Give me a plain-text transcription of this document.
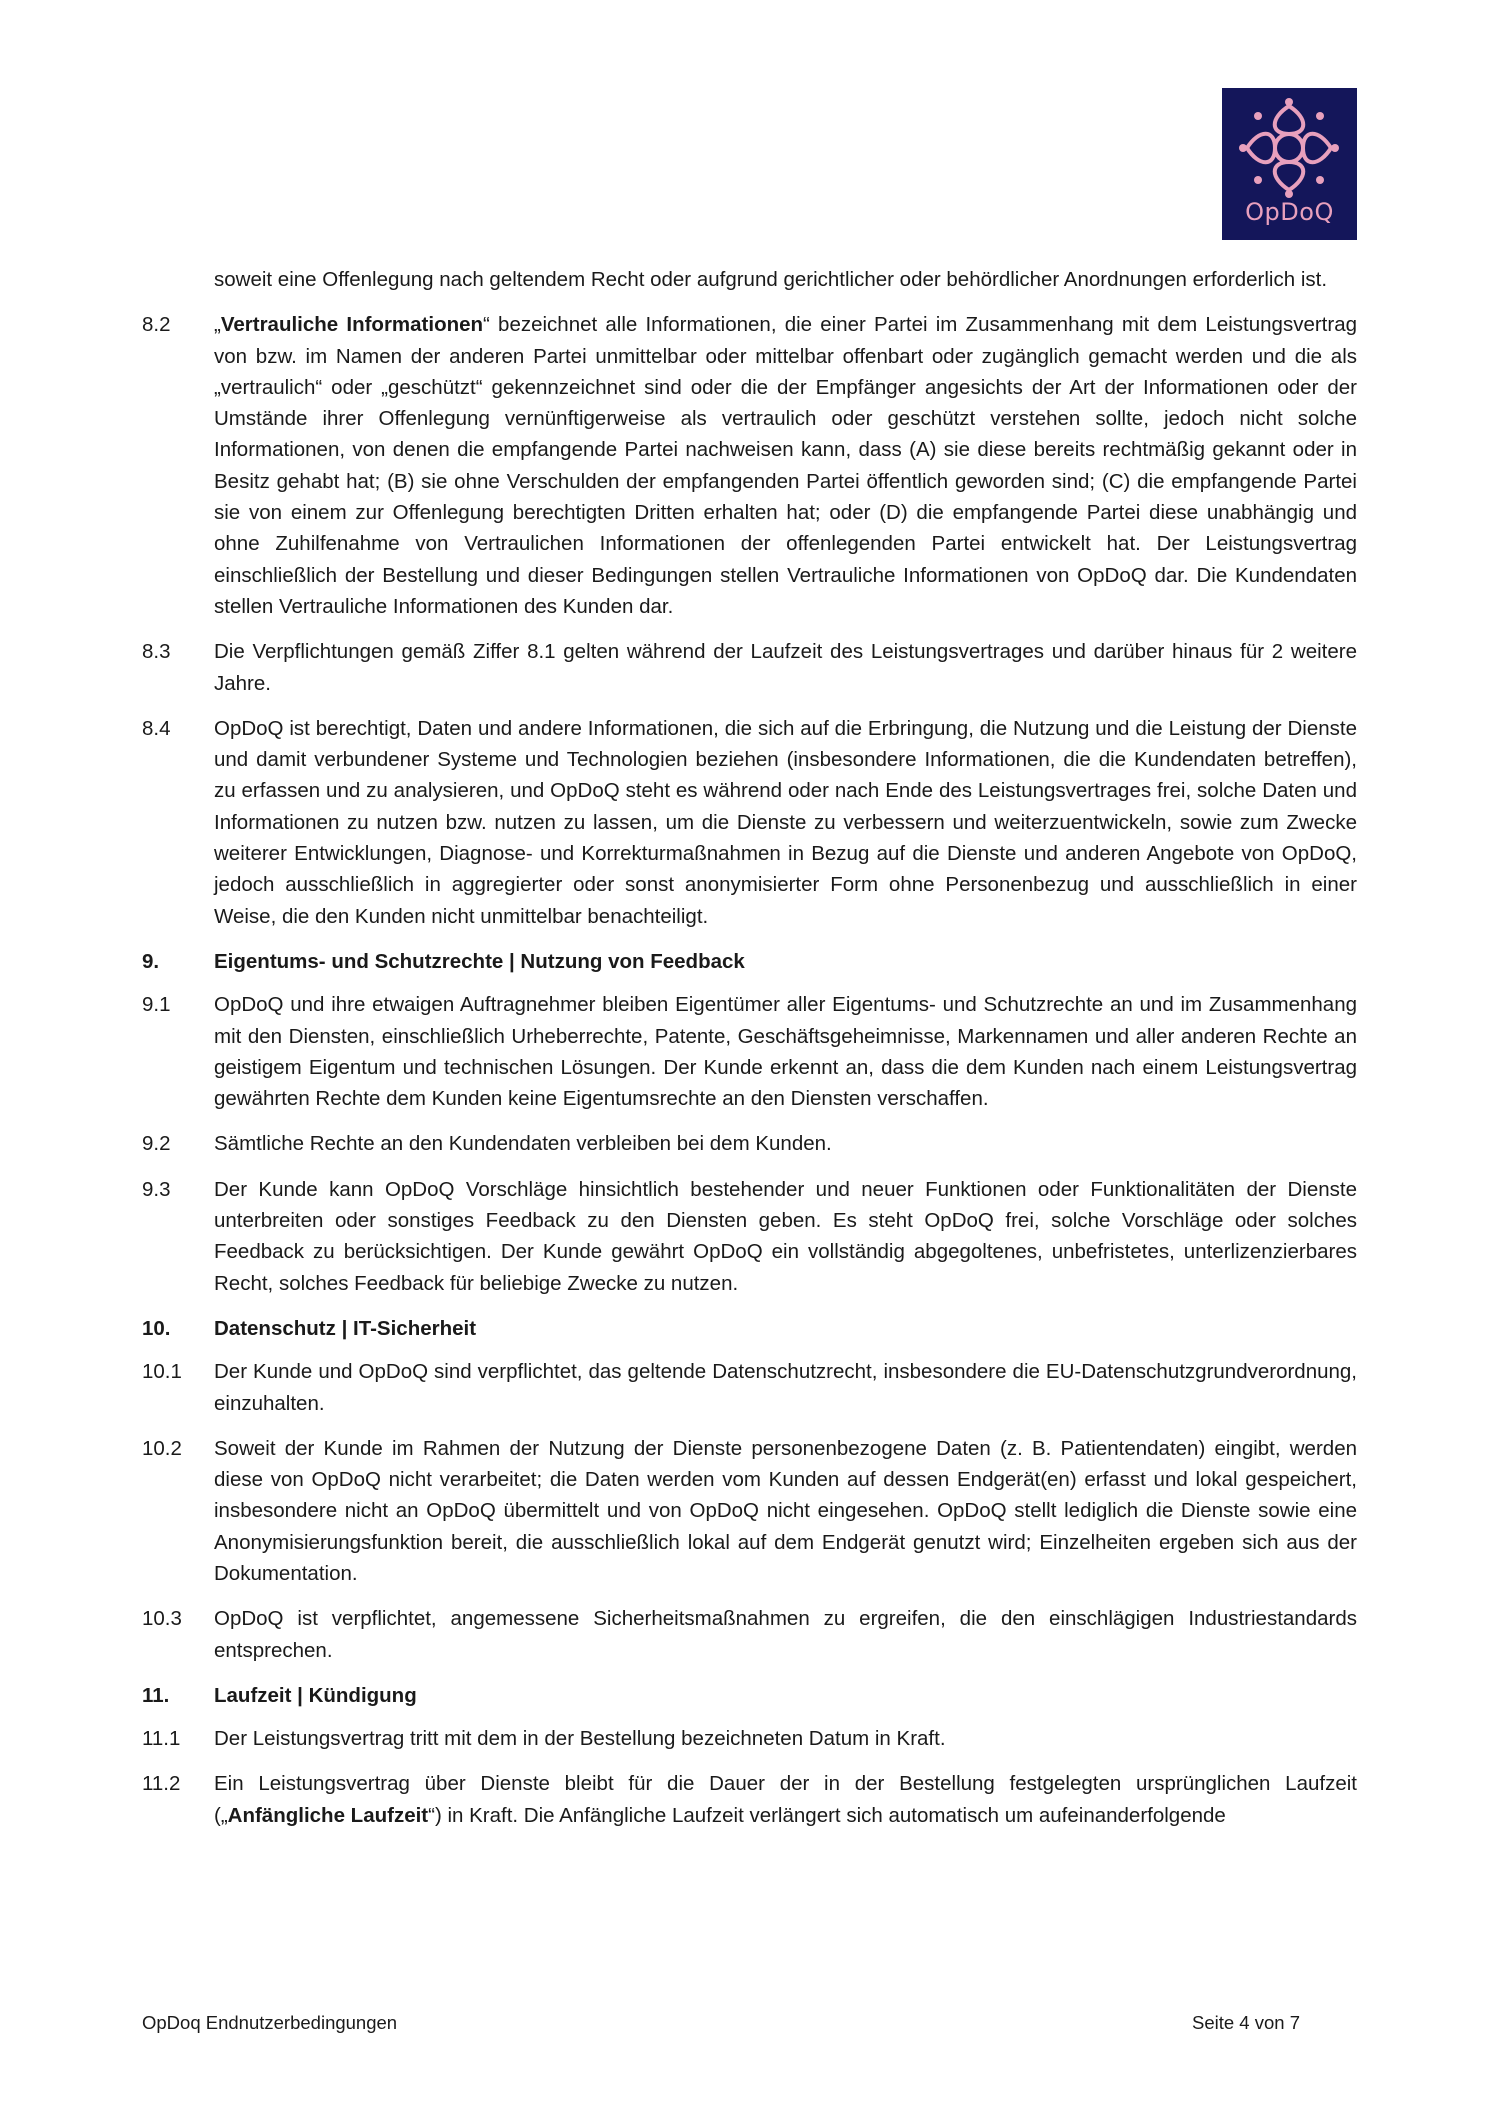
OpDoQ
soweit eine Offenlegung nach geltendem Recht oder aufgrund gerichtlicher oder behördlicher Anordnungen erforderlich ist.
8.2	„Vertrauliche Informationen“ bezeichnet alle Informationen, die einer Partei im Zusammenhang mit dem Leistungsvertrag von bzw. im Namen der anderen Partei unmittelbar oder mittelbar offenbart oder zugänglich gemacht werden und die als „vertraulich“ oder „geschützt“ gekennzeichnet sind oder die der Empfänger angesichts der Art der Informationen oder der Umstände ihrer Offenlegung vernünftigerweise als vertraulich oder geschützt verstehen sollte, jedoch nicht solche Informationen, von denen die empfangende Partei nachweisen kann, dass (A) sie diese bereits rechtmäßig gekannt oder in Besitz gehabt hat; (B) sie ohne Verschulden der empfangenden Partei öffentlich geworden sind; (C) die empfangende Partei sie von einem zur Offenlegung berechtigten Dritten erhalten hat; oder (D) die empfangende Partei diese unabhängig und ohne Zuhilfenahme von Vertraulichen Informationen der offenlegenden Partei entwickelt hat. Der Leistungsvertrag einschließlich der Bestellung und dieser Bedingungen stellen Vertrauliche Informationen von OpDoQ dar. Die Kundendaten stellen Vertrauliche Informationen des Kunden dar.
8.3	Die Verpflichtungen gemäß Ziffer 8.1 gelten während der Laufzeit des Leistungsvertrages und darüber hinaus für 2 weitere Jahre.
8.4	OpDoQ ist berechtigt, Daten und andere Informationen, die sich auf die Erbringung, die Nutzung und die Leistung der Dienste und damit verbundener Systeme und Technologien beziehen (insbesondere Informationen, die die Kundendaten betreffen), zu erfassen und zu analysieren, und OpDoQ steht es während oder nach Ende des Leistungsvertrages frei, solche Daten und Informationen zu nutzen bzw. nutzen zu lassen, um die Dienste zu verbessern und weiterzuentwickeln, sowie zum Zwecke weiterer Entwicklungen, Diagnose- und Korrekturmaßnahmen in Bezug auf die Dienste und anderen Angebote von OpDoQ, jedoch ausschließlich in aggregierter oder sonst anonymisierter Form ohne Personenbezug und ausschließlich in einer Weise, die den Kunden nicht unmittelbar benachteiligt.
9.	Eigentums- und Schutzrechte | Nutzung von Feedback
9.1	OpDoQ und ihre etwaigen Auftragnehmer bleiben Eigentümer aller Eigentums- und Schutzrechte an und im Zusammenhang mit den Diensten, einschließlich Urheberrechte, Patente, Geschäftsgeheimnisse, Markennamen und aller anderen Rechte an geistigem Eigentum und technischen Lösungen. Der Kunde erkennt an, dass die dem Kunden nach einem Leistungsvertrag gewährten Rechte dem Kunden keine Eigentumsrechte an den Diensten verschaffen.
9.2	Sämtliche Rechte an den Kundendaten verbleiben bei dem Kunden.
9.3	Der Kunde kann OpDoQ Vorschläge hinsichtlich bestehender und neuer Funktionen oder Funktionalitäten der Dienste unterbreiten oder sonstiges Feedback zu den Diensten geben. Es steht OpDoQ frei, solche Vorschläge oder solches Feedback zu berücksichtigen. Der Kunde gewährt OpDoQ ein vollständig abgegoltenes, unbefristetes, unterlizenzierbares Recht, solches Feedback für beliebige Zwecke zu nutzen.
10.	Datenschutz | IT-Sicherheit
10.1	Der Kunde und OpDoQ sind verpflichtet, das geltende Datenschutzrecht, insbesondere die EU-Datenschutzgrundverordnung, einzuhalten.
10.2	Soweit der Kunde im Rahmen der Nutzung der Dienste personenbezogene Daten (z. B. Patientendaten) eingibt, werden diese von OpDoQ nicht verarbeitet; die Daten werden vom Kunden auf dessen Endgerät(en) erfasst und lokal gespeichert, insbesondere nicht an OpDoQ übermittelt und von OpDoQ nicht eingesehen. OpDoQ stellt lediglich die Dienste sowie eine Anonymisierungsfunktion bereit, die ausschließlich lokal auf dem Endgerät genutzt wird; Einzelheiten ergeben sich aus der Dokumentation.
10.3	OpDoQ ist verpflichtet, angemessene Sicherheitsmaßnahmen zu ergreifen, die den einschlägigen Industriestandards entsprechen.
11.	Laufzeit | Kündigung
11.1	Der Leistungsvertrag tritt mit dem in der Bestellung bezeichneten Datum in Kraft.
11.2	Ein Leistungsvertrag über Dienste bleibt für die Dauer der in der Bestellung festgelegten ursprünglichen Laufzeit („Anfängliche Laufzeit“) in Kraft. Die Anfängliche Laufzeit verlängert sich automatisch um aufeinanderfolgende
OpDoq Endnutzerbedingungen	Seite 4 von 7
